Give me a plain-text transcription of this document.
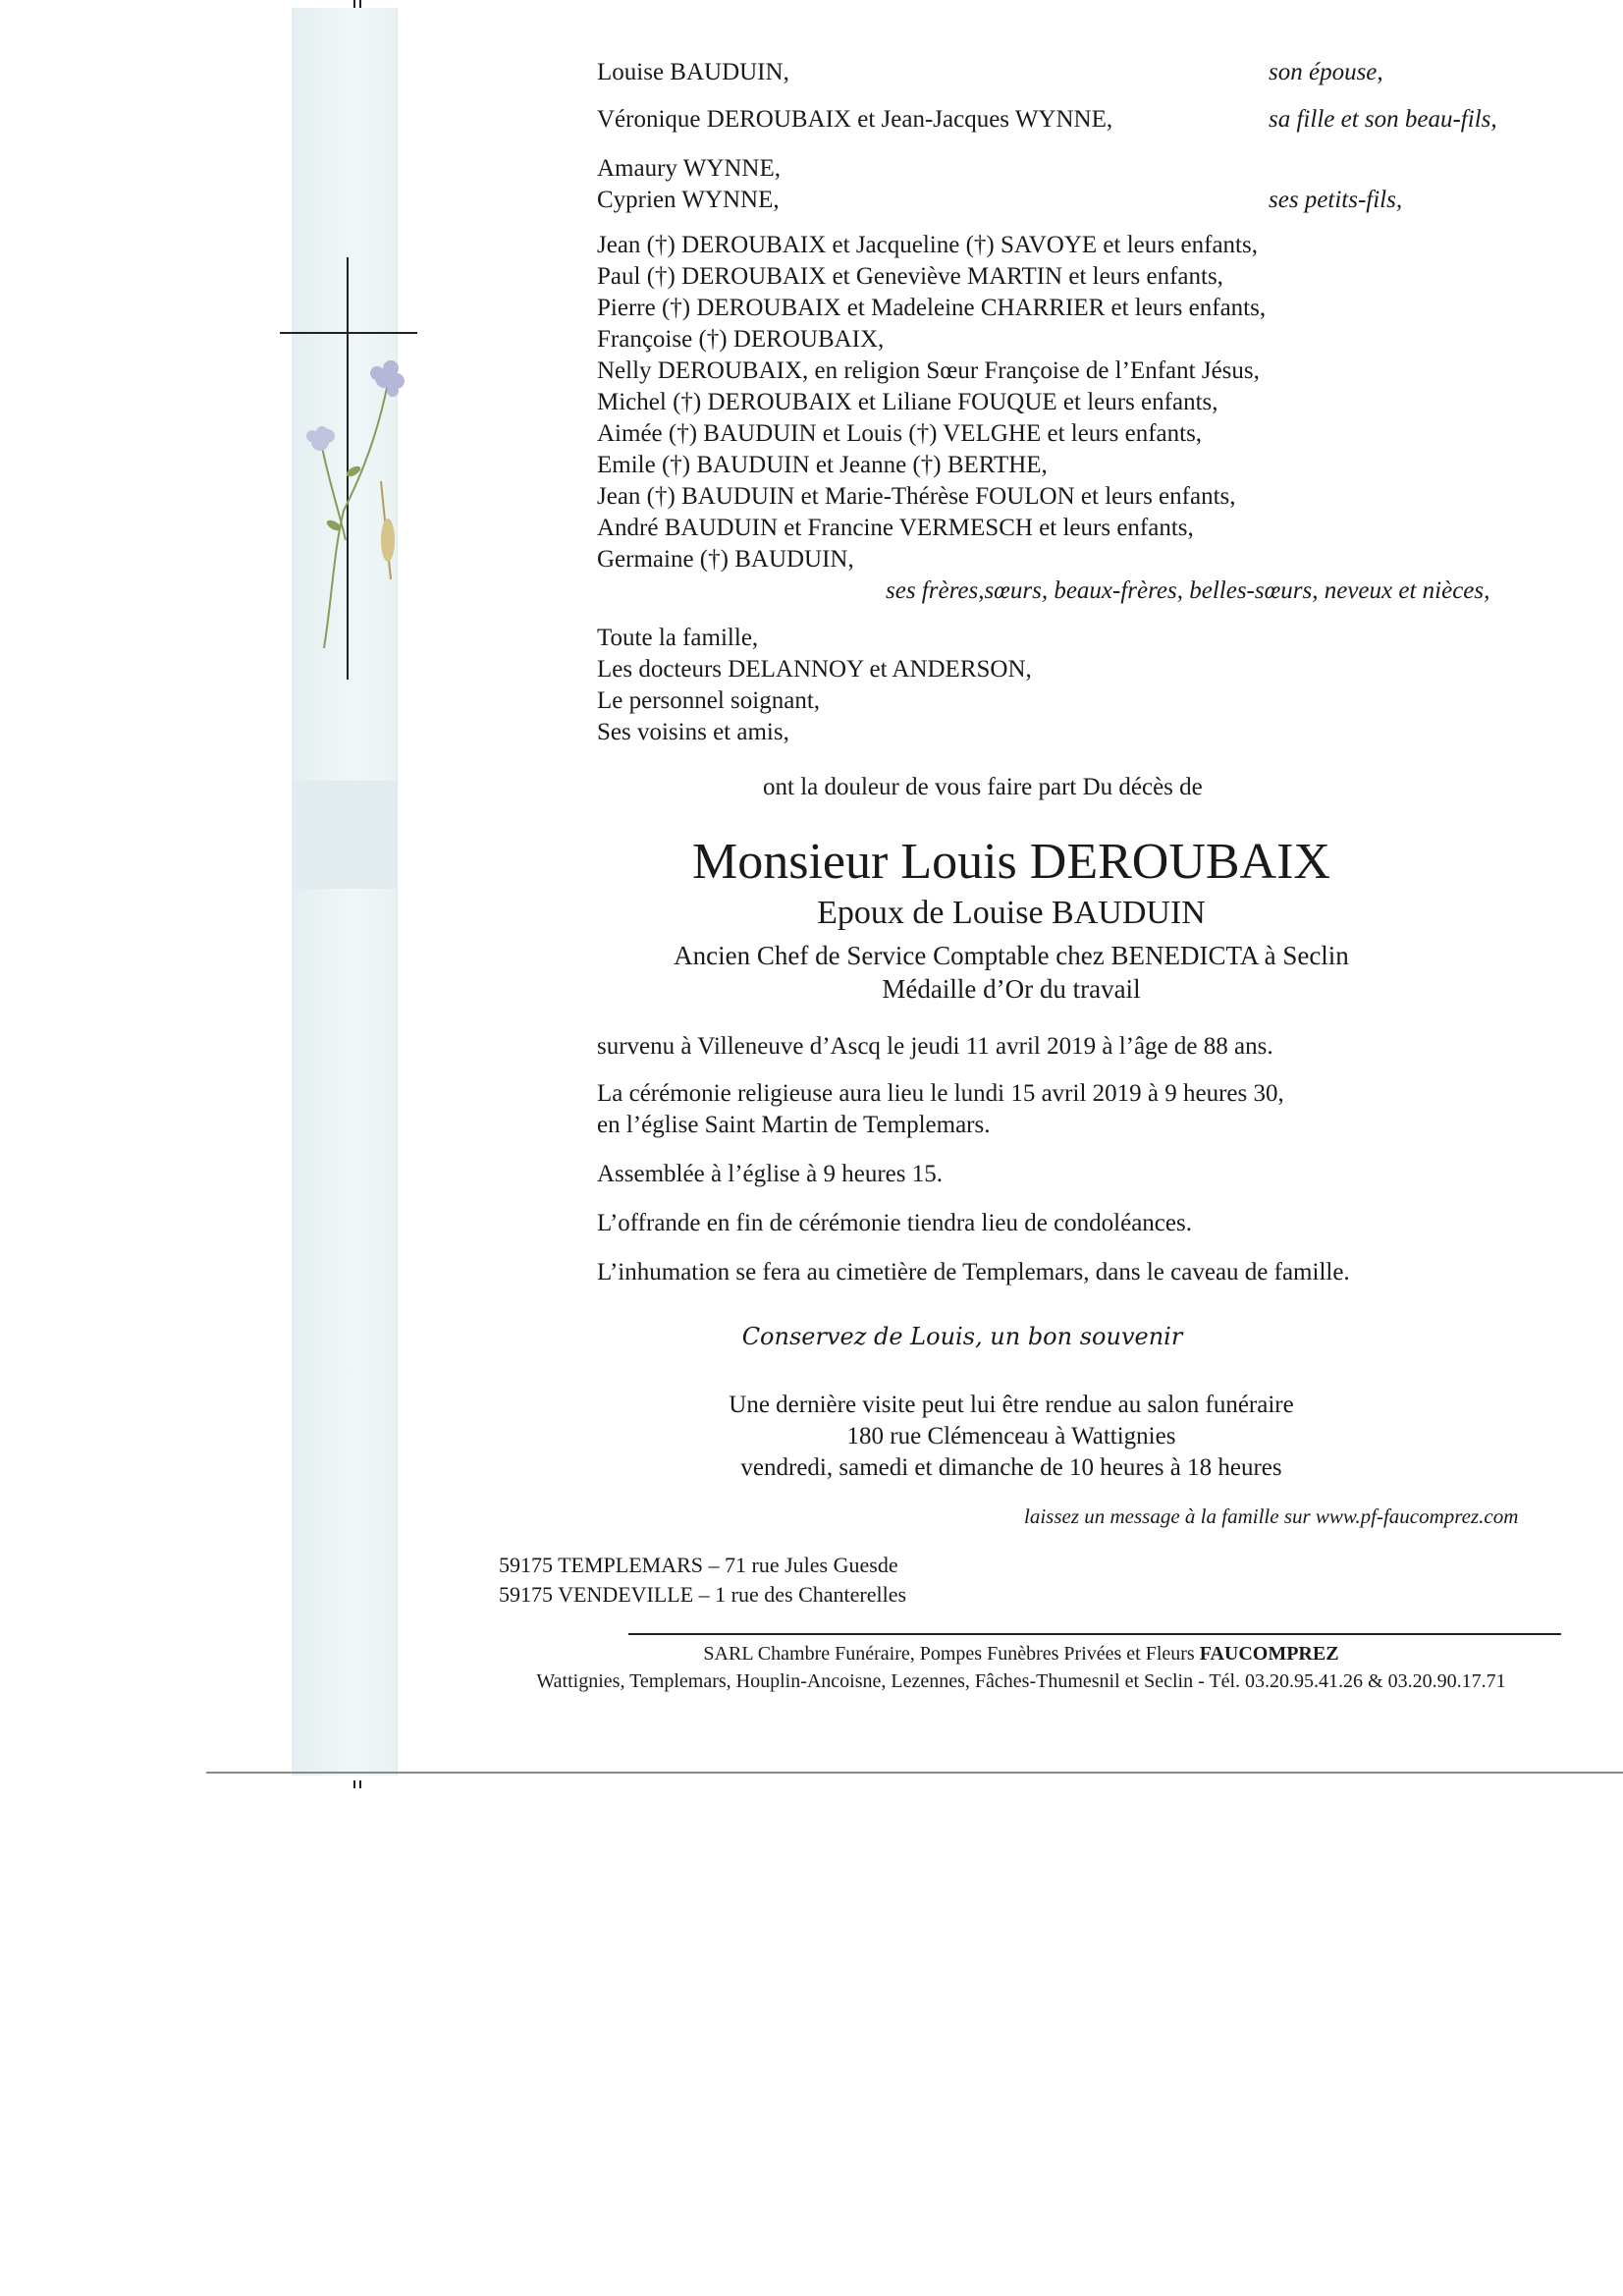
Louise BAUDUIN,	son épouse,
Véronique DEROUBAIX et Jean-Jacques WYNNE,	sa fille et son beau-fils,
Amaury WYNNE,
Cyprien WYNNE,	ses petits-fils,
Jean (†) DEROUBAIX et Jacqueline (†) SAVOYE et leurs enfants,
Paul (†) DEROUBAIX et Geneviève MARTIN et leurs enfants,
Pierre (†) DEROUBAIX et Madeleine CHARRIER et leurs enfants,
Françoise (†) DEROUBAIX,
Nelly DEROUBAIX, en religion Sœur Françoise de l’Enfant Jésus,
Michel (†) DEROUBAIX et Liliane FOUQUE et leurs enfants,
Aimée (†) BAUDUIN et Louis (†) VELGHE et leurs enfants,
Emile (†) BAUDUIN et Jeanne (†) BERTHE,
Jean (†) BAUDUIN et Marie-Thérèse FOULON et leurs enfants,
André BAUDUIN et Francine VERMESCH et leurs enfants,
Germaine (†) BAUDUIN,
ses frères,sœurs, beaux-frères, belles-sœurs, neveux et nièces,
Toute la famille,
Les docteurs DELANNOY et ANDERSON,
Le personnel soignant,
Ses voisins et amis,
ont la douleur de vous faire part Du décès de
Monsieur Louis DEROUBAIX
Epoux de Louise BAUDUIN
Ancien Chef de Service Comptable chez BENEDICTA à Seclin
Médaille d’Or du travail
survenu à Villeneuve d’Ascq le jeudi 11 avril 2019 à l’âge de 88 ans.
La cérémonie religieuse aura lieu le lundi 15 avril 2019 à 9 heures 30,
en l’église Saint Martin de Templemars.
Assemblée à l’église à 9 heures 15.
L’offrande en fin de cérémonie tiendra lieu de condoléances.
L’inhumation se fera au cimetière de Templemars, dans le caveau de famille.
Conservez de Louis, un bon souvenir
Une dernière visite peut lui être rendue au salon funéraire
180 rue Clémenceau à Wattignies
vendredi, samedi et dimanche de 10 heures à 18 heures
laissez un message à la famille sur www.pf-faucomprez.com
59175 TEMPLEMARS – 71 rue Jules Guesde
59175 VENDEVILLE – 1 rue des Chanterelles
SARL Chambre Funéraire, Pompes Funèbres Privées et Fleurs FAUCOMPREZ
Wattignies, Templemars, Houplin-Ancoisne, Lezennes, Fâches-Thumesnil et Seclin - Tél. 03.20.95.41.26 & 03.20.90.17.71
